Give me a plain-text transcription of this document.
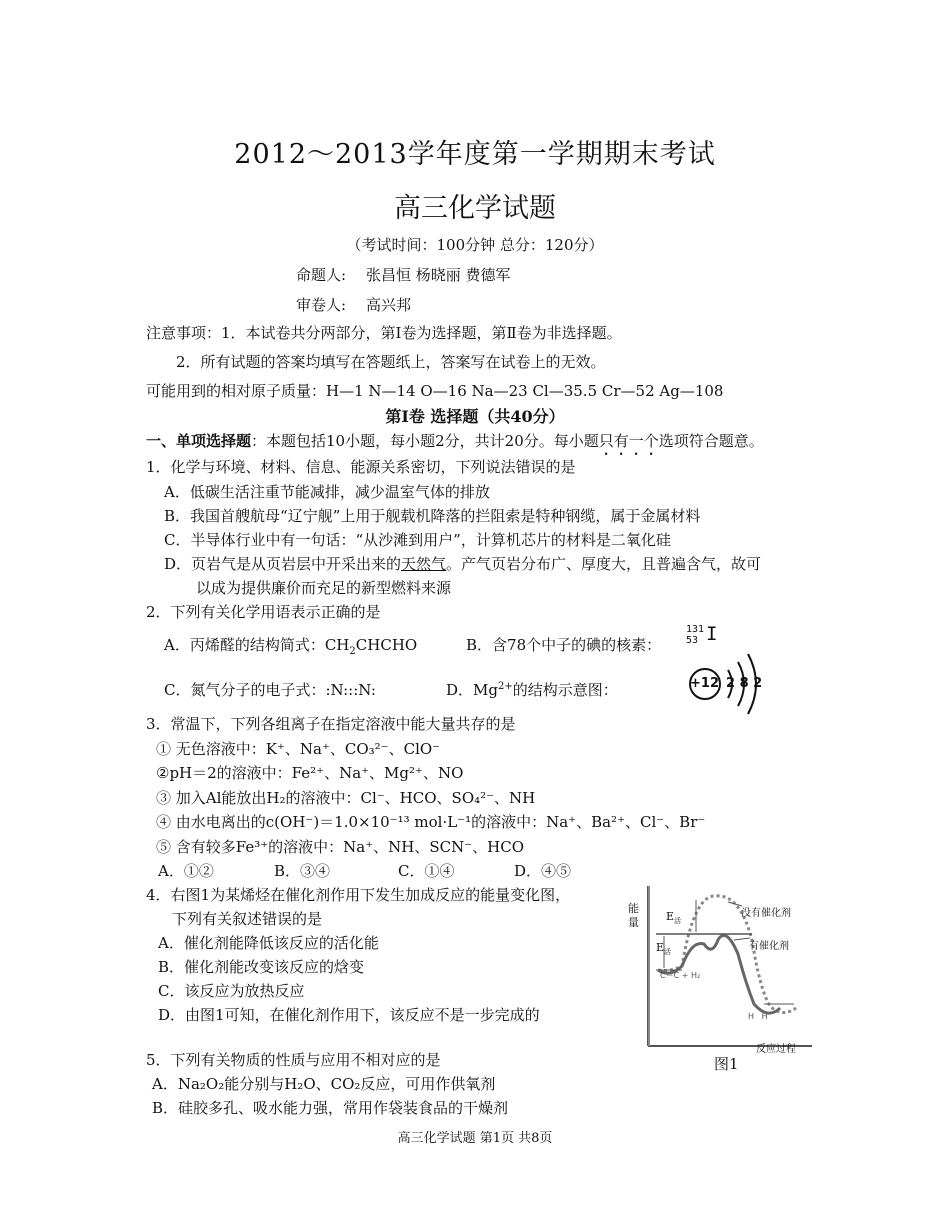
2012～2013学年度第一学期期末考试
高三化学试题
（考试时间：100分钟 总分：120分）
命题人: 张昌恒 杨晓丽 费德军
审卷人: 高兴邦
注意事项：1．本试卷共分两部分，第Ⅰ卷为选择题，第Ⅱ卷为非选择题。
2．所有试题的答案均填写在答题纸上，答案写在试卷上的无效。
可能用到的相对原子质量：H—1 N—14 O—16 Na—23 Cl—35.5 Cr—52 Ag—108
第Ⅰ卷 选择题（共40分）
一、单项选择题：本题包括10小题，每小题2分，共计20分。每小题只有一个选项符合题意。
1．化学与环境、材料、信息、能源关系密切，下列说法错误的是
A．低碳生活注重节能减排，减少温室气体的排放
B．我国首艘航母“辽宁舰”上用于舰载机降落的拦阻索是特种钢缆，属于金属材料
C．半导体行业中有一句话：“从沙滩到用户”，计算机芯片的材料是二氧化硅
D．页岩气是从页岩层中开采出来的天然气。产气页岩分布广、厚度大，且普遍含气，故可
以成为提供廉价而充足的新型燃料来源
2．下列有关化学用语表示正确的是
A．丙烯醛的结构简式：$CH_2CHCHO$	B．含78个中子的碘的核素：
131
53 I
C．氮气分子的电子式：:N:::N:	D．$Mg^{2+}$的结构示意图：	+12 2 8 2
3．常温下，下列各组离子在指定溶液中能大量共存的是
① 无色溶液中：K⁺、Na⁺、CO₃²⁻、ClO⁻
②pH＝2的溶液中：Fe²⁺、Na⁺、Mg²⁺、NO
③ 加入Al能放出H₂的溶液中：Cl⁻、HCO、SO₄²⁻、NH
④ 由水电离出的c(OH⁻)＝1.0×10⁻¹³ mol·L⁻¹的溶液中：Na⁺、Ba²⁺、Cl⁻、Br⁻
⑤ 含有较多Fe³⁺的溶液中：Na⁺、NH、SCN⁻、HCO
A．①②	B．③④	C．①④	D．④⑤
4．右图1为某烯烃在催化剂作用下发生加成反应的能量变化图，
下列有关叙述错误的是
A．催化剂能降低该反应的活化能
B．催化剂能改变该反应的焓变
C．该反应为放热反应
D．由图1可知，在催化剂作用下，该反应不是一步完成的
能量
反应过程
没有催化剂
有催化剂
$E_活$
$E_活$
C＝C + H₂
H   H
图1
5．下列有关物质的性质与应用不相对应的是
A．Na₂O₂能分别与H₂O、CO₂反应，可用作供氧剂
B．硅胶多孔、吸水能力强，常用作袋装食品的干燥剂
高三化学试题 第1页 共8页
